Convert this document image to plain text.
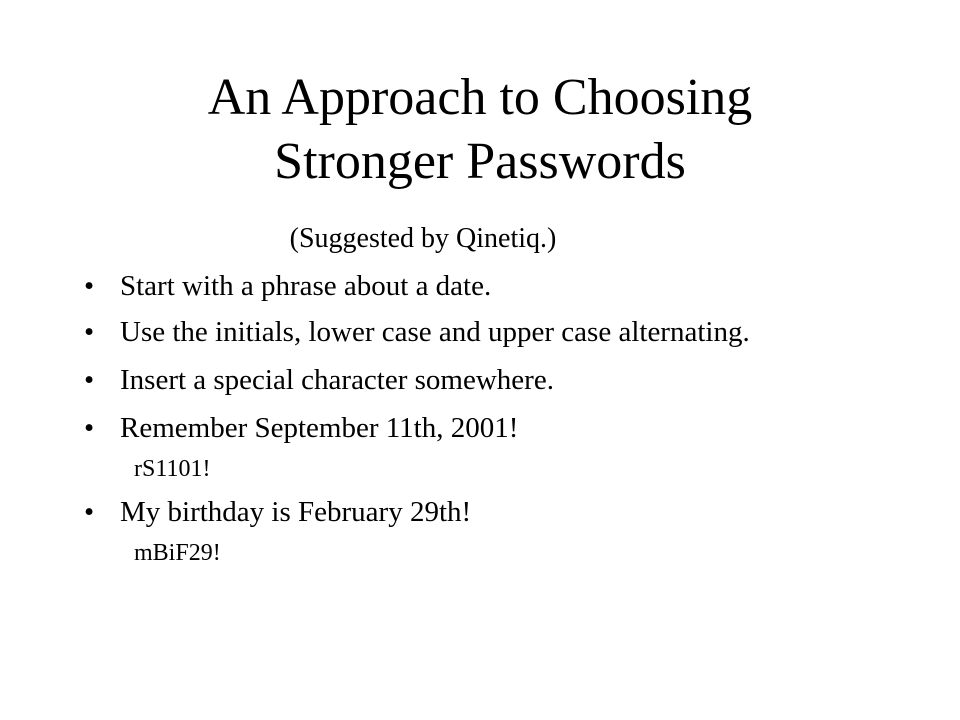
An Approach to Choosing
Stronger Passwords
(Suggested by Qinetiq.)
• Start with a phrase about a date.
• Use the initials, lower case and upper case alternating.
• Insert a special character somewhere.
• Remember September 11th, 2001!
rS1101!
• My birthday is February 29th!
mBiF29!
